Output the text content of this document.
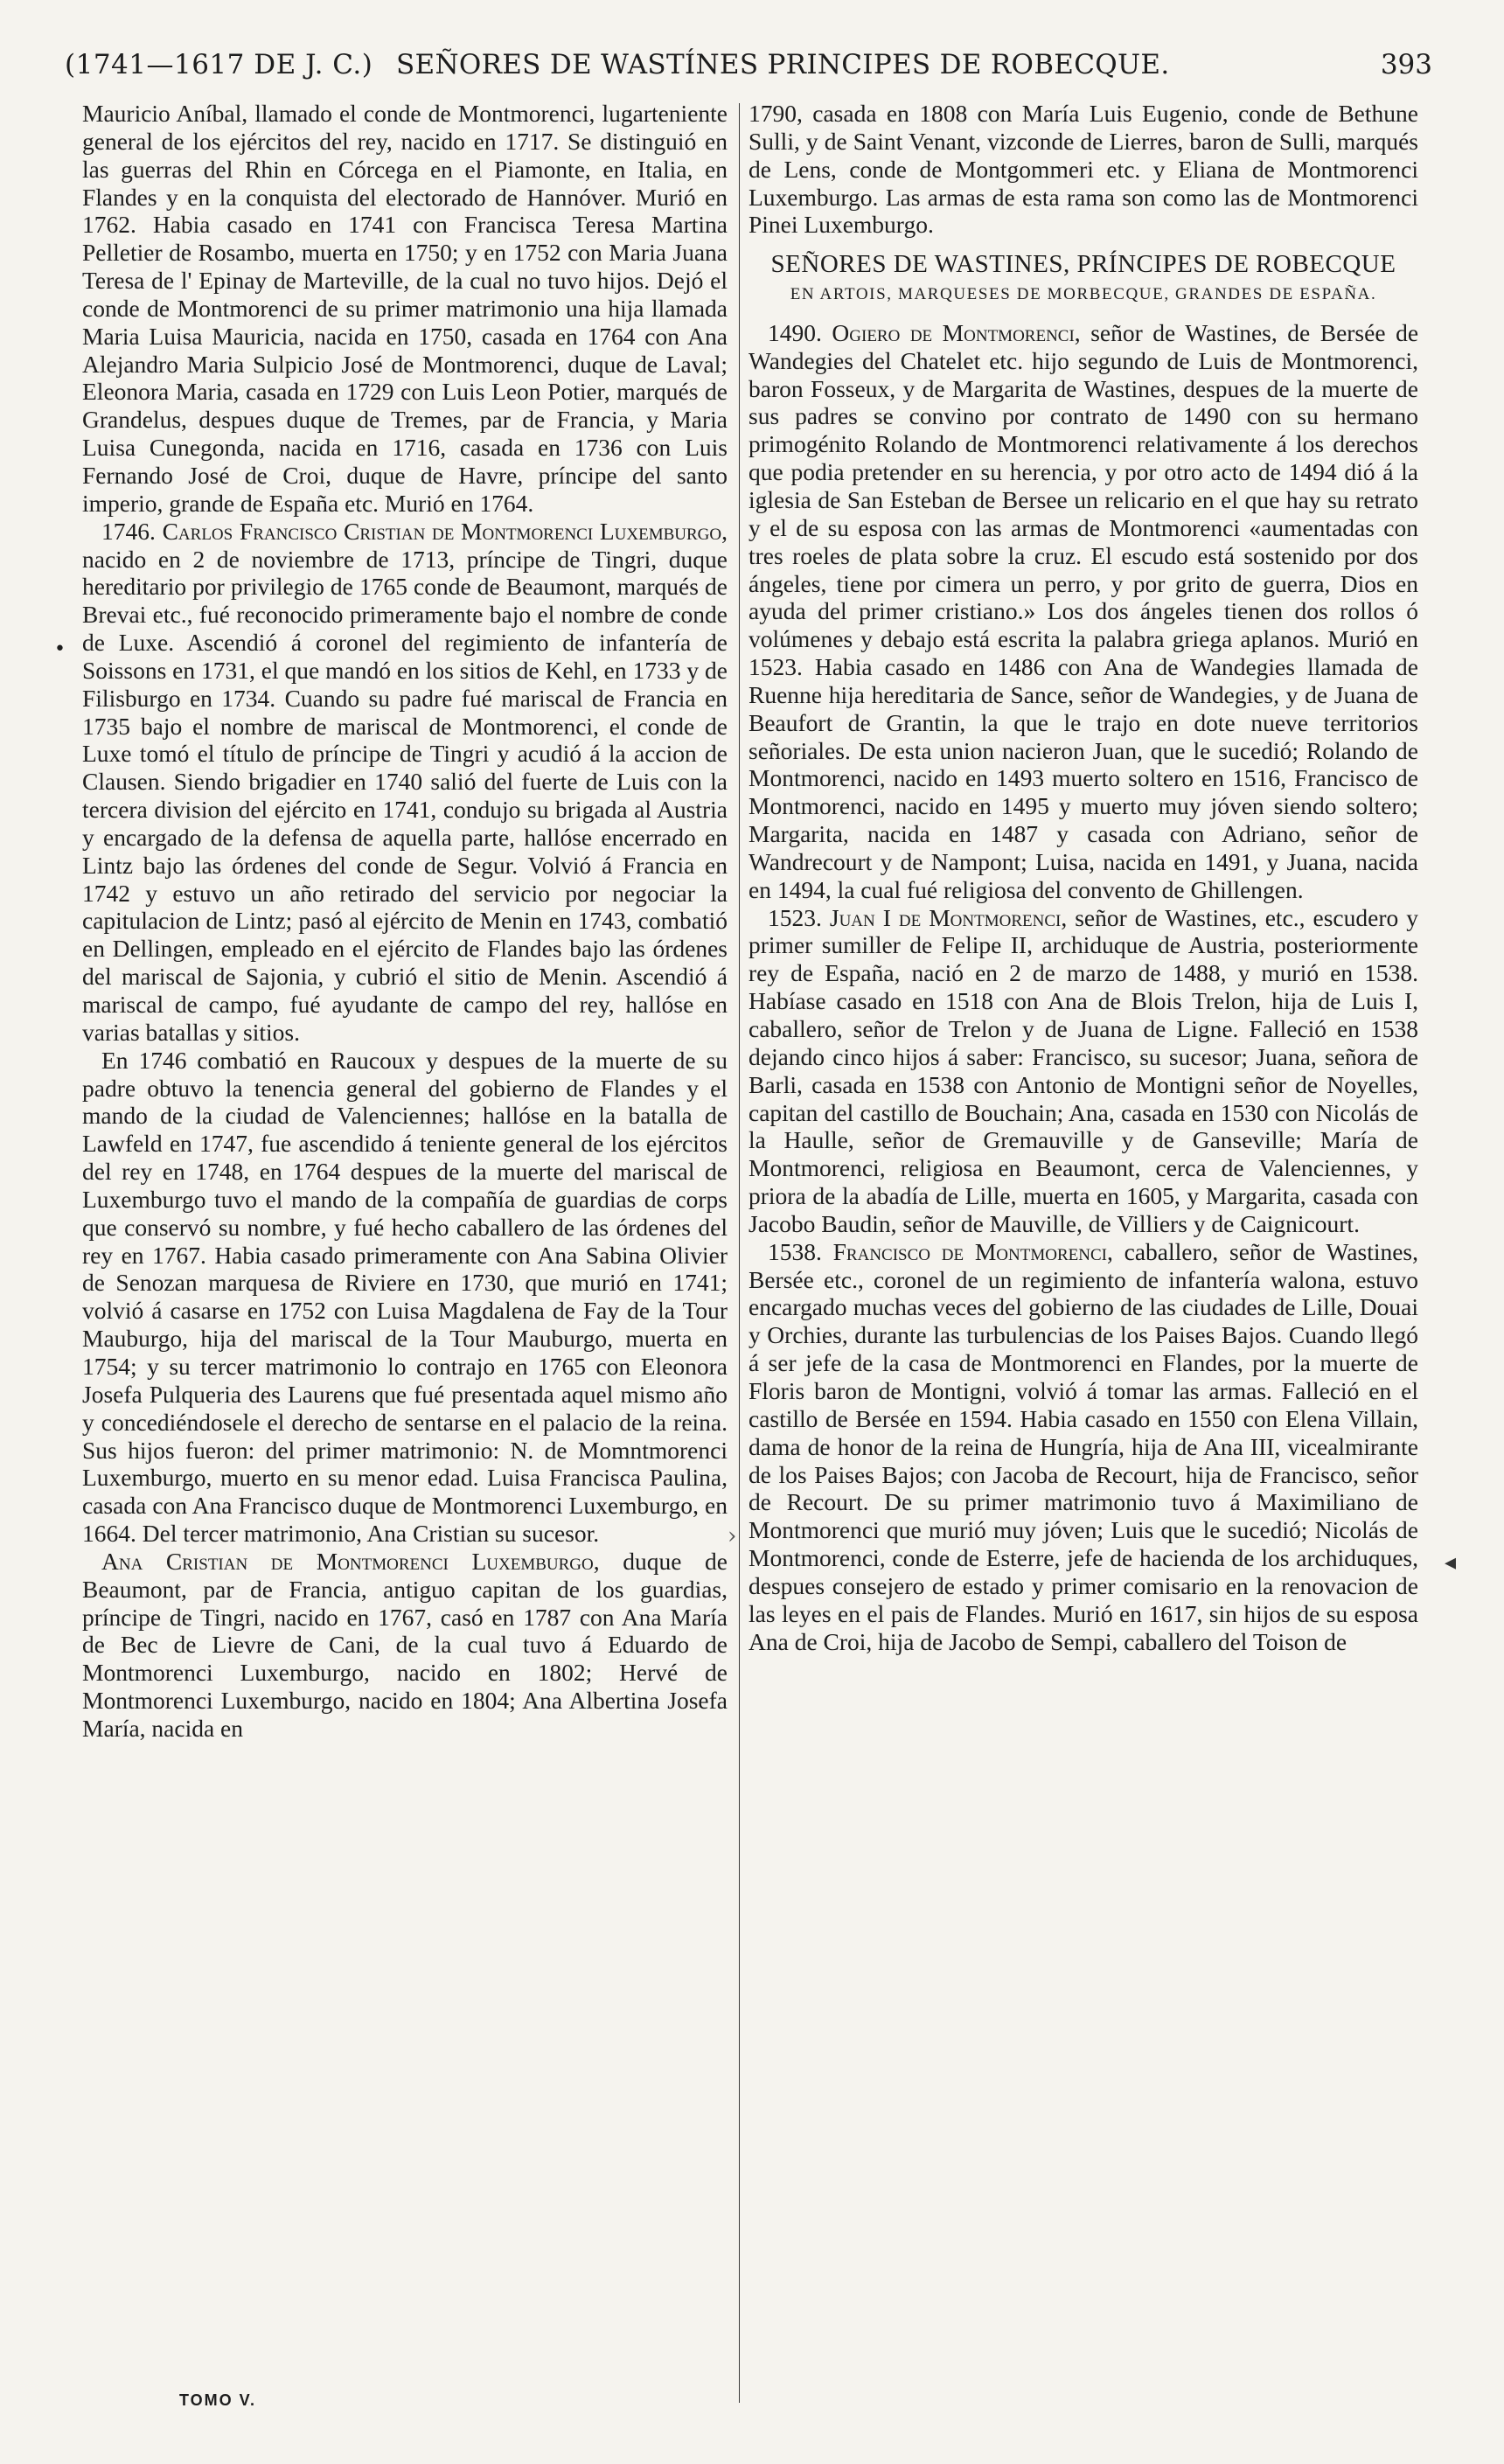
(1741—1617 DE J. C.) SEÑORES DE WASTÍNES PRINCIPES DE ROBECQUE.	393
•

Mauricio Aníbal, llamado el conde de Montmorenci, lugarteniente general de los ejércitos del rey, nacido en 1717. Se distinguió en las guerras del Rhin en Córcega en el Piamonte, en Italia, en Flandes y en la conquista del electorado de Hannóver. Murió en 1762. Habia casado en 1741 con Francisca Teresa Martina Pelletier de Rosambo, muerta en 1750; y en 1752 con Maria Juana Teresa de l' Epinay de Marteville, de la cual no tuvo hijos. Dejó el conde de Montmorenci de su primer matrimonio una hija llamada Maria Luisa Mauricia, nacida en 1750, casada en 1764 con Ana Alejandro Maria Sulpicio José de Montmorenci, duque de Laval; Eleonora Maria, casada en 1729 con Luis Leon Potier, marqués de Grandelus, despues duque de Tremes, par de Francia, y Maria Luisa Cunegonda, nacida en 1716, casada en 1736 con Luis Fernando José de Croi, duque de Havre, príncipe del santo imperio, grande de España etc. Murió en 1764.

1746. Carlos Francisco Cristian de Montmorenci Luxemburgo, nacido en 2 de noviembre de 1713, príncipe de Tingri, duque hereditario por privilegio de 1765 conde de Beaumont, marqués de Brevai etc., fué reconocido primeramente bajo el nombre de conde de Luxe. Ascendió á coronel del regimiento de infantería de Soissons en 1731, el que mandó en los sitios de Kehl, en 1733 y de Filisburgo en 1734. Cuando su padre fué mariscal de Francia en 1735 bajo el nombre de mariscal de Montmorenci, el conde de Luxe tomó el título de príncipe de Tingri y acudió á la accion de Clausen. Siendo brigadier en 1740 salió del fuerte de Luis con la tercera division del ejército en 1741, condujo su brigada al Austria y encargado de la defensa de aquella parte, hallóse encerrado en Lintz bajo las órdenes del conde de Segur. Volvió á Francia en 1742 y estuvo un año retirado del servicio por negociar la capitulacion de Lintz; pasó al ejército de Menin en 1743, combatió en Dellingen, empleado en el ejército de Flandes bajo las órdenes del mariscal de Sajonia, y cubrió el sitio de Menin. Ascendió á mariscal de campo, fué ayudante de campo del rey, hallóse en varias batallas y sitios.

En 1746 combatió en Raucoux y despues de la muerte de su padre obtuvo la tenencia general del gobierno de Flandes y el mando de la ciudad de Valenciennes; hallóse en la batalla de Lawfeld en 1747, fue ascendido á teniente general de los ejércitos del rey en 1748, en 1764 despues de la muerte del mariscal de Luxemburgo tuvo el mando de la compañía de guardias de corps que conservó su nombre, y fué hecho caballero de las órdenes del rey en 1767. Habia casado primeramente con Ana Sabina Olivier de Senozan marquesa de Riviere en 1730, que murió en 1741; volvió á casarse en 1752 con Luisa Magdalena de Fay de la Tour Mauburgo, hija del mariscal de la Tour Mauburgo, muerta en 1754; y su tercer matrimonio lo contrajo en 1765 con Eleonora Josefa Pulqueria des Laurens que fué presentada aquel mismo año y concediéndosele el derecho de sentarse en el palacio de la reina. Sus hijos fueron: del primer matrimonio: N. de Momntmorenci Luxemburgo, muerto en su menor edad. Luisa Francisca Paulina, casada con Ana Francisco duque de Montmorenci Luxemburgo, en 1664. Del tercer matrimonio, Ana Cristian su sucesor.

Ana Cristian de Montmorenci Luxemburgo, duque de Beaumont, par de Francia, antiguo capitan de los guardias, príncipe de Tingri, nacido en 1767, casó en 1787 con Ana María de Bec de Lievre de Cani, de la cual tuvo á Eduardo de Montmorenci Luxemburgo, nacido en 1802; Hervé de Montmorenci Luxemburgo, nacido en 1804; Ana Albertina Josefa María, nacida en

›

1790, casada en 1808 con María Luis Eugenio, conde de Bethune Sulli, y de Saint Venant, vizconde de Lierres, baron de Sulli, marqués de Lens, conde de Montgommeri etc. y Eliana de Montmorenci Luxemburgo. Las armas de esta rama son como las de Montmorenci Pinei Luxemburgo.

SEÑORES DE WASTINES, PRÍNCIPES DE ROBECQUE
EN ARTOIS, MARQUESES DE MORBECQUE, GRANDES DE ESPAÑA.

1490. Ogiero de Montmorenci, señor de Wastines, de Bersée de Wandegies del Chatelet etc. hijo segundo de Luis de Montmorenci, baron Fosseux, y de Margarita de Wastines, despues de la muerte de sus padres se convino por contrato de 1490 con su hermano primogénito Rolando de Montmorenci relativamente á los derechos que podia pretender en su herencia, y por otro acto de 1494 dió á la iglesia de San Esteban de Bersee un relicario en el que hay su retrato y el de su esposa con las armas de Montmorenci «aumentadas con tres roeles de plata sobre la cruz. El escudo está sostenido por dos ángeles, tiene por cimera un perro, y por grito de guerra, Dios en ayuda del primer cristiano.» Los dos ángeles tienen dos rollos ó volúmenes y debajo está escrita la palabra griega aplanos. Murió en 1523. Habia casado en 1486 con Ana de Wandegies llamada de Ruenne hija hereditaria de Sance, señor de Wandegies, y de Juana de Beaufort de Grantin, la que le trajo en dote nueve territorios señoriales. De esta union nacieron Juan, que le sucedió; Rolando de Montmorenci, nacido en 1493 muerto soltero en 1516, Francisco de Montmorenci, nacido en 1495 y muerto muy jóven siendo soltero; Margarita, nacida en 1487 y casada con Adriano, señor de Wandrecourt y de Nampont; Luisa, nacida en 1491, y Juana, nacida en 1494, la cual fué religiosa del convento de Ghillengen.

1523. Juan I de Montmorenci, señor de Wastines, etc., escudero y primer sumiller de Felipe II, archiduque de Austria, posteriormente rey de España, nació en 2 de marzo de 1488, y murió en 1538. Habíase casado en 1518 con Ana de Blois Trelon, hija de Luis I, caballero, señor de Trelon y de Juana de Ligne. Falleció en 1538 dejando cinco hijos á saber: Francisco, su sucesor; Juana, señora de Barli, casada en 1538 con Antonio de Montigni señor de Noyelles, capitan del castillo de Bouchain; Ana, casada en 1530 con Nicolás de la Haulle, señor de Gremauville y de Ganseville; María de Montmorenci, religiosa en Beaumont, cerca de Valenciennes, y priora de la abadía de Lille, muerta en 1605, y Margarita, casada con Jacobo Baudin, señor de Mauville, de Villiers y de Caignicourt.

1538. Francisco de Montmorenci, caballero, señor de Wastines, Bersée etc., coronel de un regimiento de infantería walona, estuvo encargado muchas veces del gobierno de las ciudades de Lille, Douai y Orchies, durante las turbulencias de los Paises Bajos. Cuando llegó á ser jefe de la casa de Montmorenci en Flandes, por la muerte de Floris baron de Montigni, volvió á tomar las armas. Falleció en el castillo de Bersée en 1594. Habia casado en 1550 con Elena Villain, dama de honor de la reina de Hungría, hija de Ana III, vicealmirante de los Paises Bajos; con Jacoba de Recourt, hija de Francisco, señor de Recourt. De su primer matrimonio tuvo á Maximiliano de Montmorenci que murió muy jóven; Luis que le sucedió; Nicolás de Montmorenci, conde de Esterre, jefe de hacienda de los archiduques, despues consejero de estado y primer comisario en la renovacion de las leyes en el pais de Flandes. Murió en 1617, sin hijos de su esposa Ana de Croi, hija de Jacobo de Sempi, caballero del Toison de

◂
TOMO V.
